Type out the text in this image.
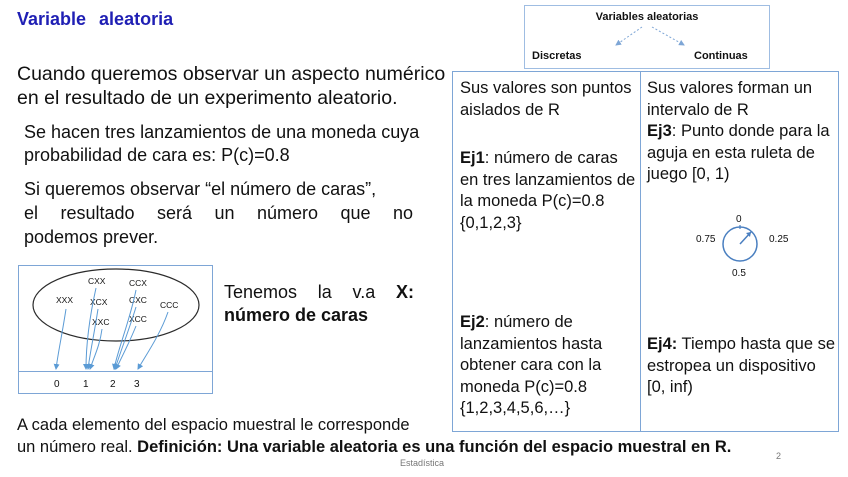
Variable aleatoria
Cuando queremos observar un aspecto numérico en el resultado de un experimento aleatorio.
Se hacen tres lanzamientos de una moneda cuya probabilidad de cara es: P(c)=0.8
Si queremos observar “el número de caras”,
el resultado será un número que no
podemos prever.
CXX	CCX
XXX XCX	CXC CCC
XXC XCC
0 1 2 3
Tenemos la v.a X:
número de caras
Variables aleatorias
Discretas	Continuas
Sus valores son puntos aislados de R
Ej1: número de caras en tres lanzamientos de la moneda P(c)=0.8
{0,1,2,3}
Ej2: número de lanzamientos hasta obtener cara con la moneda P(c)=0.8
{1,2,3,4,5,6,…}
Sus valores forman un intervalo de R
Ej3: Punto donde para la aguja en esta ruleta de juego [0, 1)
Ej4: Tiempo hasta que se estropea un dispositivo
[0, inf)
0
0.25
0.5
0.75
A cada elemento del espacio muestral le corresponde
un número real. Definición: Una variable aleatoria es una función del espacio muestral en R.
Estadística
2
